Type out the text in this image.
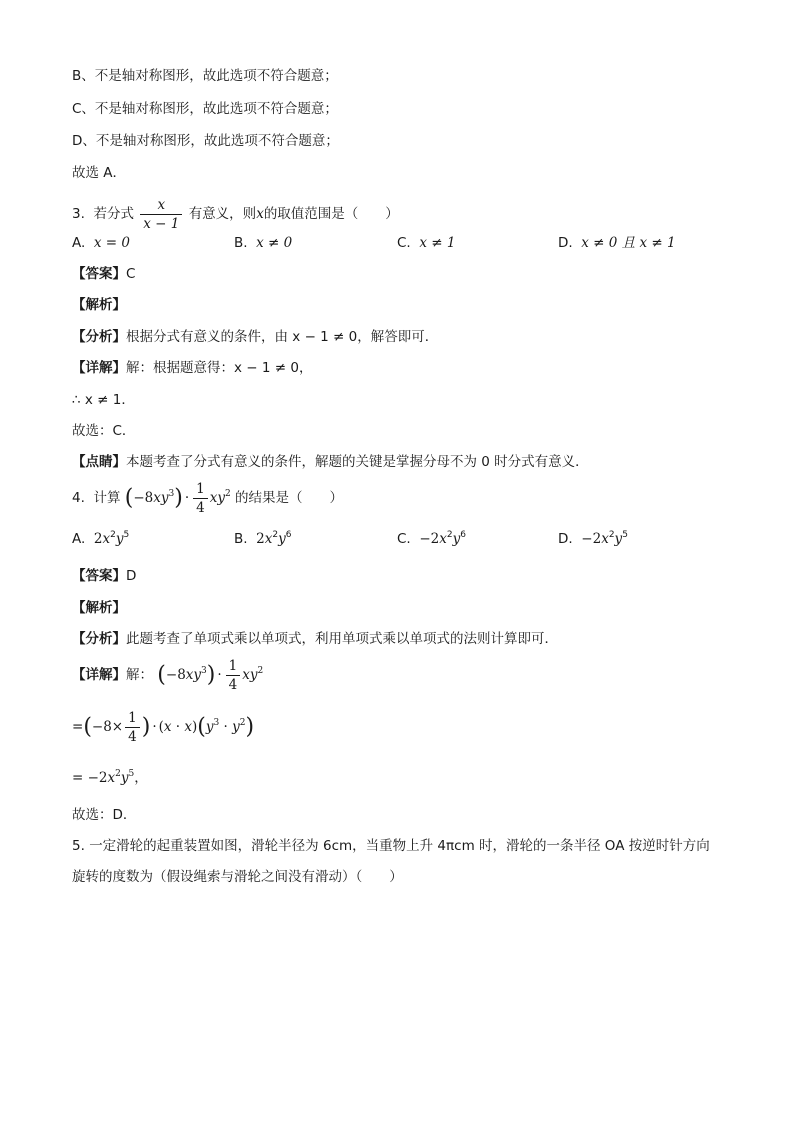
B、不是轴对称图形，故此选项不符合题意；
C、不是轴对称图形，故此选项不符合题意；
D、不是轴对称图形，故此选项不符合题意；
故选 A．
3. 若分式 $\frac{x}{x - 1}$ 有意义，则x的取值范围是（　　）
A. x = 0	B. x ≠ 0	C. x ≠ 1	D. x ≠ 0 且 x ≠ 1
【答案】C
【解析】
【分析】根据分式有意义的条件，由 x − 1 ≠ 0，解答即可．
【详解】解：根据题意得：x − 1 ≠ 0，
∴ x ≠ 1．
故选：C．
【点睛】本题考查了分式有意义的条件，解题的关键是掌握分母不为 0 时分式有意义．
4. 计算 $(-8xy^3) \cdot \frac{1}{4} xy^2$ 的结果是（　　）
A. $2x^2y^5$	B. $2x^2y^6$	C. $-2x^2y^6$	D. $-2x^2y^5$
【答案】D
【解析】
【分析】此题考查了单项式乘以单项式，利用单项式乘以单项式的法则计算即可．
【详解】解： $(-8xy^3) \cdot \frac{1}{4} xy^2$
$=(-8\times \frac{1}{4}$ ) · $(x \cdot x)(y^3 \cdot y^2)$
= $-2x^2y^5$，
故选：D．
5. 一定滑轮的起重装置如图，滑轮半径为 6cm，当重物上升 4πcm 时，滑轮的一条半径 OA 按逆时针方向
旋转的度数为（假设绳索与滑轮之间没有滑动）（　　）
